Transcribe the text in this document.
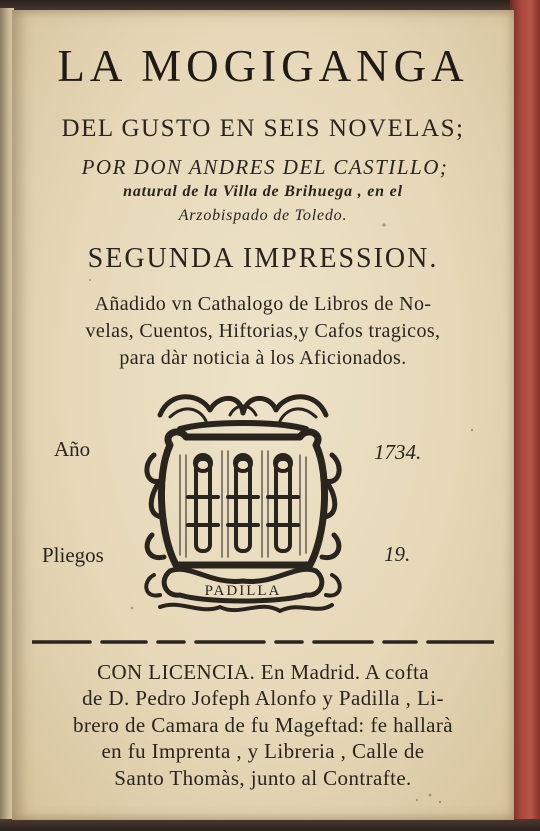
LA MOGIGANGA
DEL GUSTO EN SEIS NOVELAS;
POR DON ANDRES DEL CASTILLO;
natural de la Villa de Brihuega , en el
Arzobispado de Toledo.
SEGUNDA IMPRESSION.
Añadido vn Cathalogo de Libros de No-
velas, Cuentos, Hiftorias,y Cafos tragicos,
para dàr noticia à los Aficionados.
Año	1734.
Pliegos	19.
PADILLA
CON LICENCIA. En Madrid. A cofta
de D. Pedro Jofeph Alonfo y Padilla , Li-
brero de Camara de fu Mageftad: fe hallarà
en fu Imprenta , y Libreria , Calle de
Santo Thomàs, junto al Contrafte.
